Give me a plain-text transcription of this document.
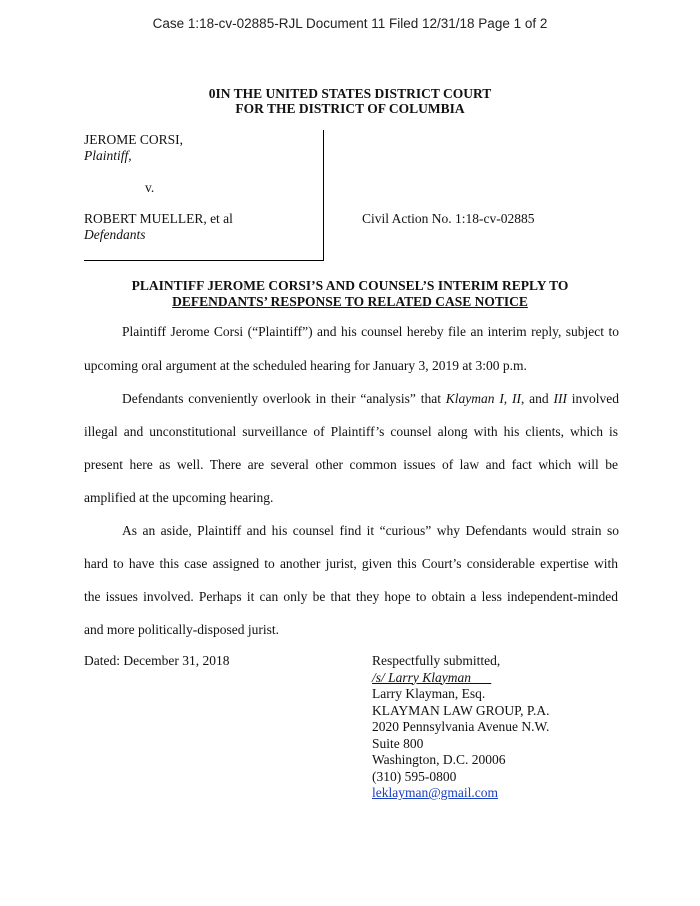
Case 1:18-cv-02885-RJL Document 11 Filed 12/31/18 Page 1 of 2
0IN THE UNITED STATES DISTRICT COURT
FOR THE DISTRICT OF COLUMBIA
JEROME CORSI,
Plaintiff,
v.
ROBERT MUELLER, et al
Defendants
Civil Action No. 1:18-cv-02885
PLAINTIFF JEROME CORSI’S AND COUNSEL’S INTERIM REPLY TO
DEFENDANTS’ RESPONSE TO RELATED CASE NOTICE
Plaintiff Jerome Corsi (“Plaintiff”) and his counsel hereby file an interim reply, subject to
upcoming oral argument at the scheduled hearing for January 3, 2019 at 3:00 p.m.
Defendants conveniently overlook in their “analysis” that Klayman I, II, and III involved
illegal and unconstitutional surveillance of Plaintiff’s counsel along with his clients, which is
present here as well. There are several other common issues of law and fact which will be
amplified at the upcoming hearing.
As an aside, Plaintiff and his counsel find it “curious” why Defendants would strain so
hard to have this case assigned to another jurist, given this Court’s considerable expertise with
the issues involved. Perhaps it can only be that they hope to obtain a less independent-minded
and more politically-disposed jurist.
Dated: December 31, 2018	Respectfully submitted,
/s/ Larry Klayman
Larry Klayman, Esq.
KLAYMAN LAW GROUP, P.A.
2020 Pennsylvania Avenue N.W.
Suite 800
Washington, D.C. 20006
(310) 595-0800
leklayman@gmail.com
